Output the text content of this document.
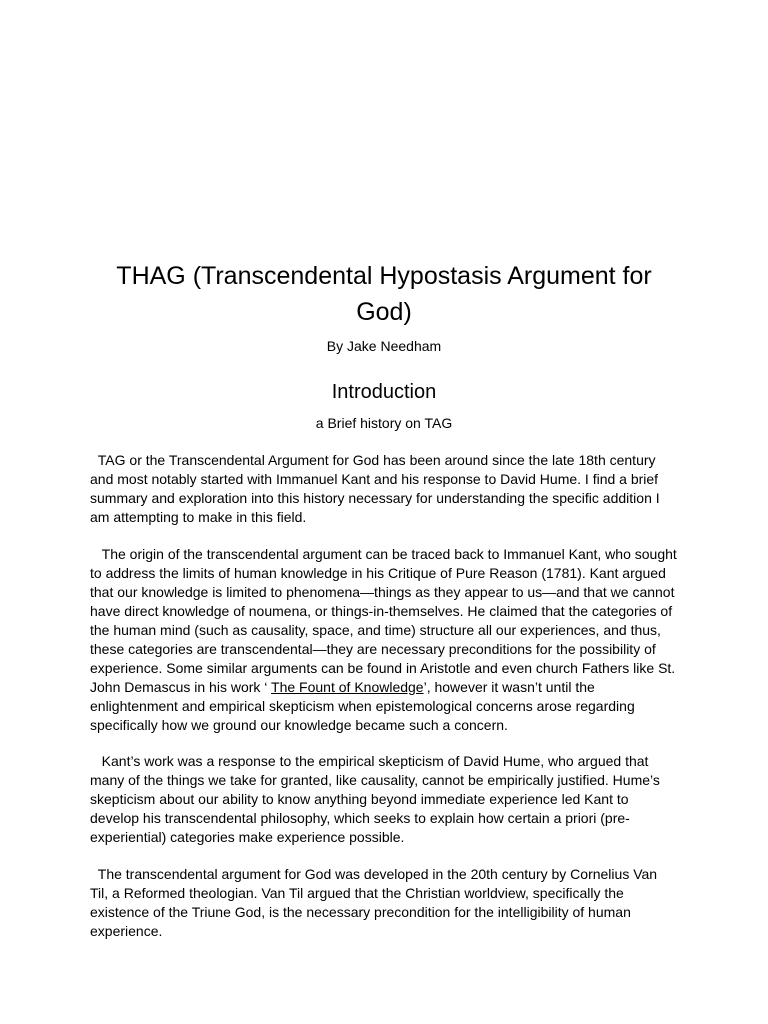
THAG (Transcendental Hypostasis Argument for God)

By Jake Needham

Introduction

a Brief history on TAG

TAG or the Transcendental Argument for God has been around since the late 18th century and most notably started with Immanuel Kant and his response to David Hume. I find a brief summary and exploration into this history necessary for understanding the specific addition I am attempting to make in this field.

The origin of the transcendental argument can be traced back to Immanuel Kant, who sought to address the limits of human knowledge in his Critique of Pure Reason (1781). Kant argued that our knowledge is limited to phenomena—things as they appear to us—and that we cannot have direct knowledge of noumena, or things-in-themselves. He claimed that the categories of the human mind (such as causality, space, and time) structure all our experiences, and thus, these categories are transcendental—they are necessary preconditions for the possibility of experience. Some similar arguments can be found in Aristotle and even church Fathers like St. John Demascus in his work ‘ The Fount of Knowledge’, however it wasn’t until the enlightenment and empirical skepticism when epistemological concerns arose regarding specifically how we ground our knowledge became such a concern.

Kant’s work was a response to the empirical skepticism of David Hume, who argued that many of the things we take for granted, like causality, cannot be empirically justified. Hume’s skepticism about our ability to know anything beyond immediate experience led Kant to develop his transcendental philosophy, which seeks to explain how certain a priori (pre-experiential) categories make experience possible.

The transcendental argument for God was developed in the 20th century by Cornelius Van Til, a Reformed theologian. Van Til argued that the Christian worldview, specifically the existence of the Triune God, is the necessary precondition for the intelligibility of human experience.
